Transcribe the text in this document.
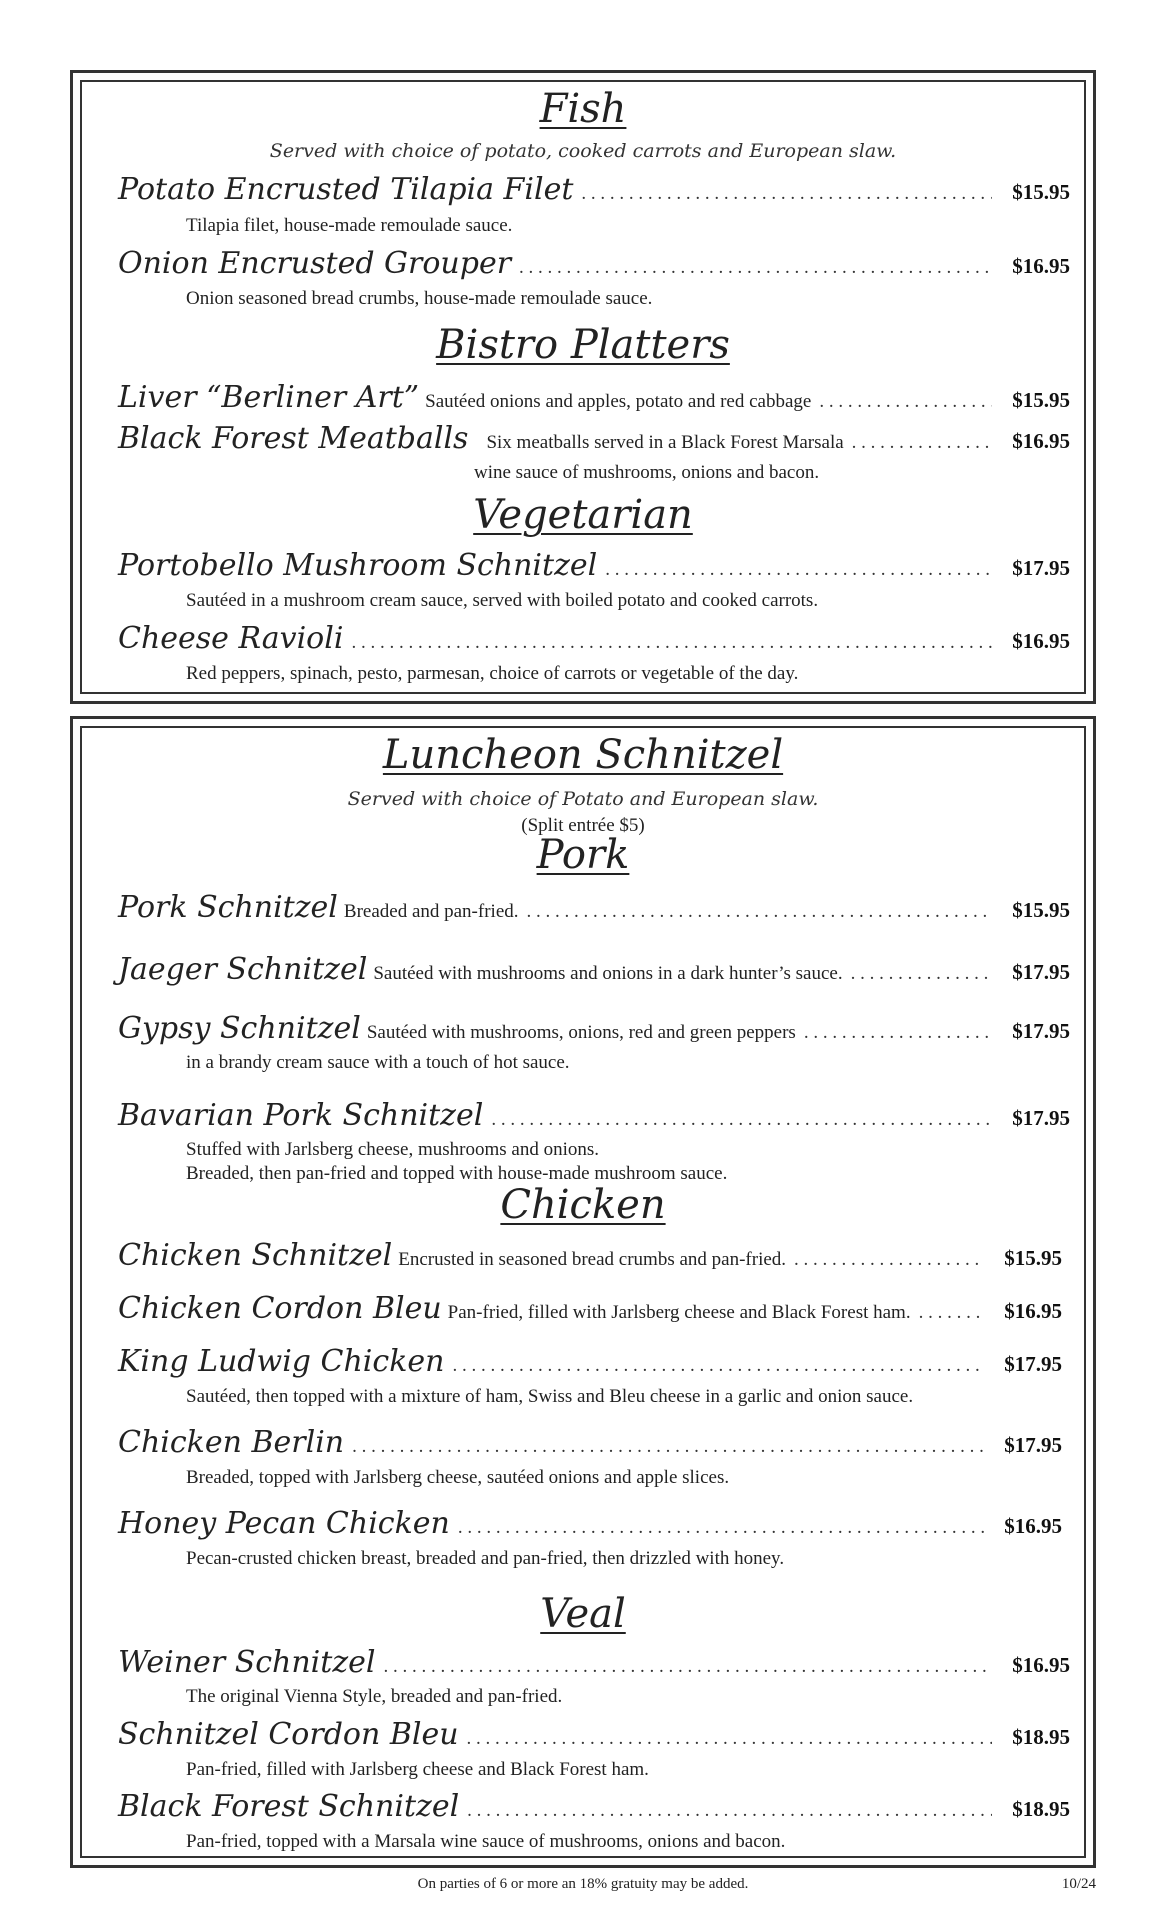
Fish
Served with choice of potato, cooked carrots and European slaw.
Potato Encrusted Tilapia Filet . . .	$15.95
Tilapia filet, house-made remoulade sauce.
Onion Encrusted Grouper . . .	$16.95
Onion seasoned bread crumbs, house-made remoulade sauce.
Bistro Platters
Liver “Berliner Art” Sautéed onions and apples, potato and red cabbage . . .	$15.95
Black Forest Meatballs Six meatballs served in a Black Forest Marsala . . .	$16.95
wine sauce of mushrooms, onions and bacon.
Vegetarian
Portobello Mushroom Schnitzel . . .	$17.95
Sautéed in a mushroom cream sauce, served with boiled potato and cooked carrots.
Cheese Ravioli . . .	$16.95
Red peppers, spinach, pesto, parmesan, choice of carrots or vegetable of the day.
Luncheon Schnitzel
Served with choice of Potato and European slaw.
(Split entrée $5)
Pork
Pork Schnitzel Breaded and pan-fried. . . .	$15.95
Jaeger Schnitzel Sautéed with mushrooms and onions in a dark hunter’s sauce. . . .	$17.95
Gypsy Schnitzel Sautéed with mushrooms, onions, red and green peppers . . .	$17.95
in a brandy cream sauce with a touch of hot sauce.
Bavarian Pork Schnitzel . . .	$17.95
Stuffed with Jarlsberg cheese, mushrooms and onions.
Breaded, then pan-fried and topped with house-made mushroom sauce.
Chicken
Chicken Schnitzel Encrusted in seasoned bread crumbs and pan-fried. . . .	$15.95
Chicken Cordon Bleu Pan-fried, filled with Jarlsberg cheese and Black Forest ham. . . .	$16.95
King Ludwig Chicken . . .	$17.95
Sautéed, then topped with a mixture of ham, Swiss and Bleu cheese in a garlic and onion sauce.
Chicken Berlin . . .	$17.95
Breaded, topped with Jarlsberg cheese, sautéed onions and apple slices.
Honey Pecan Chicken . . .	$16.95
Pecan-crusted chicken breast, breaded and pan-fried, then drizzled with honey.
Veal
Weiner Schnitzel . . .	$16.95
The original Vienna Style, breaded and pan-fried.
Schnitzel Cordon Bleu . . .	$18.95
Pan-fried, filled with Jarlsberg cheese and Black Forest ham.
Black Forest Schnitzel . . .	$18.95
Pan-fried, topped with a Marsala wine sauce of mushrooms, onions and bacon.
On parties of 6 or more an 18% gratuity may be added.	10/24
